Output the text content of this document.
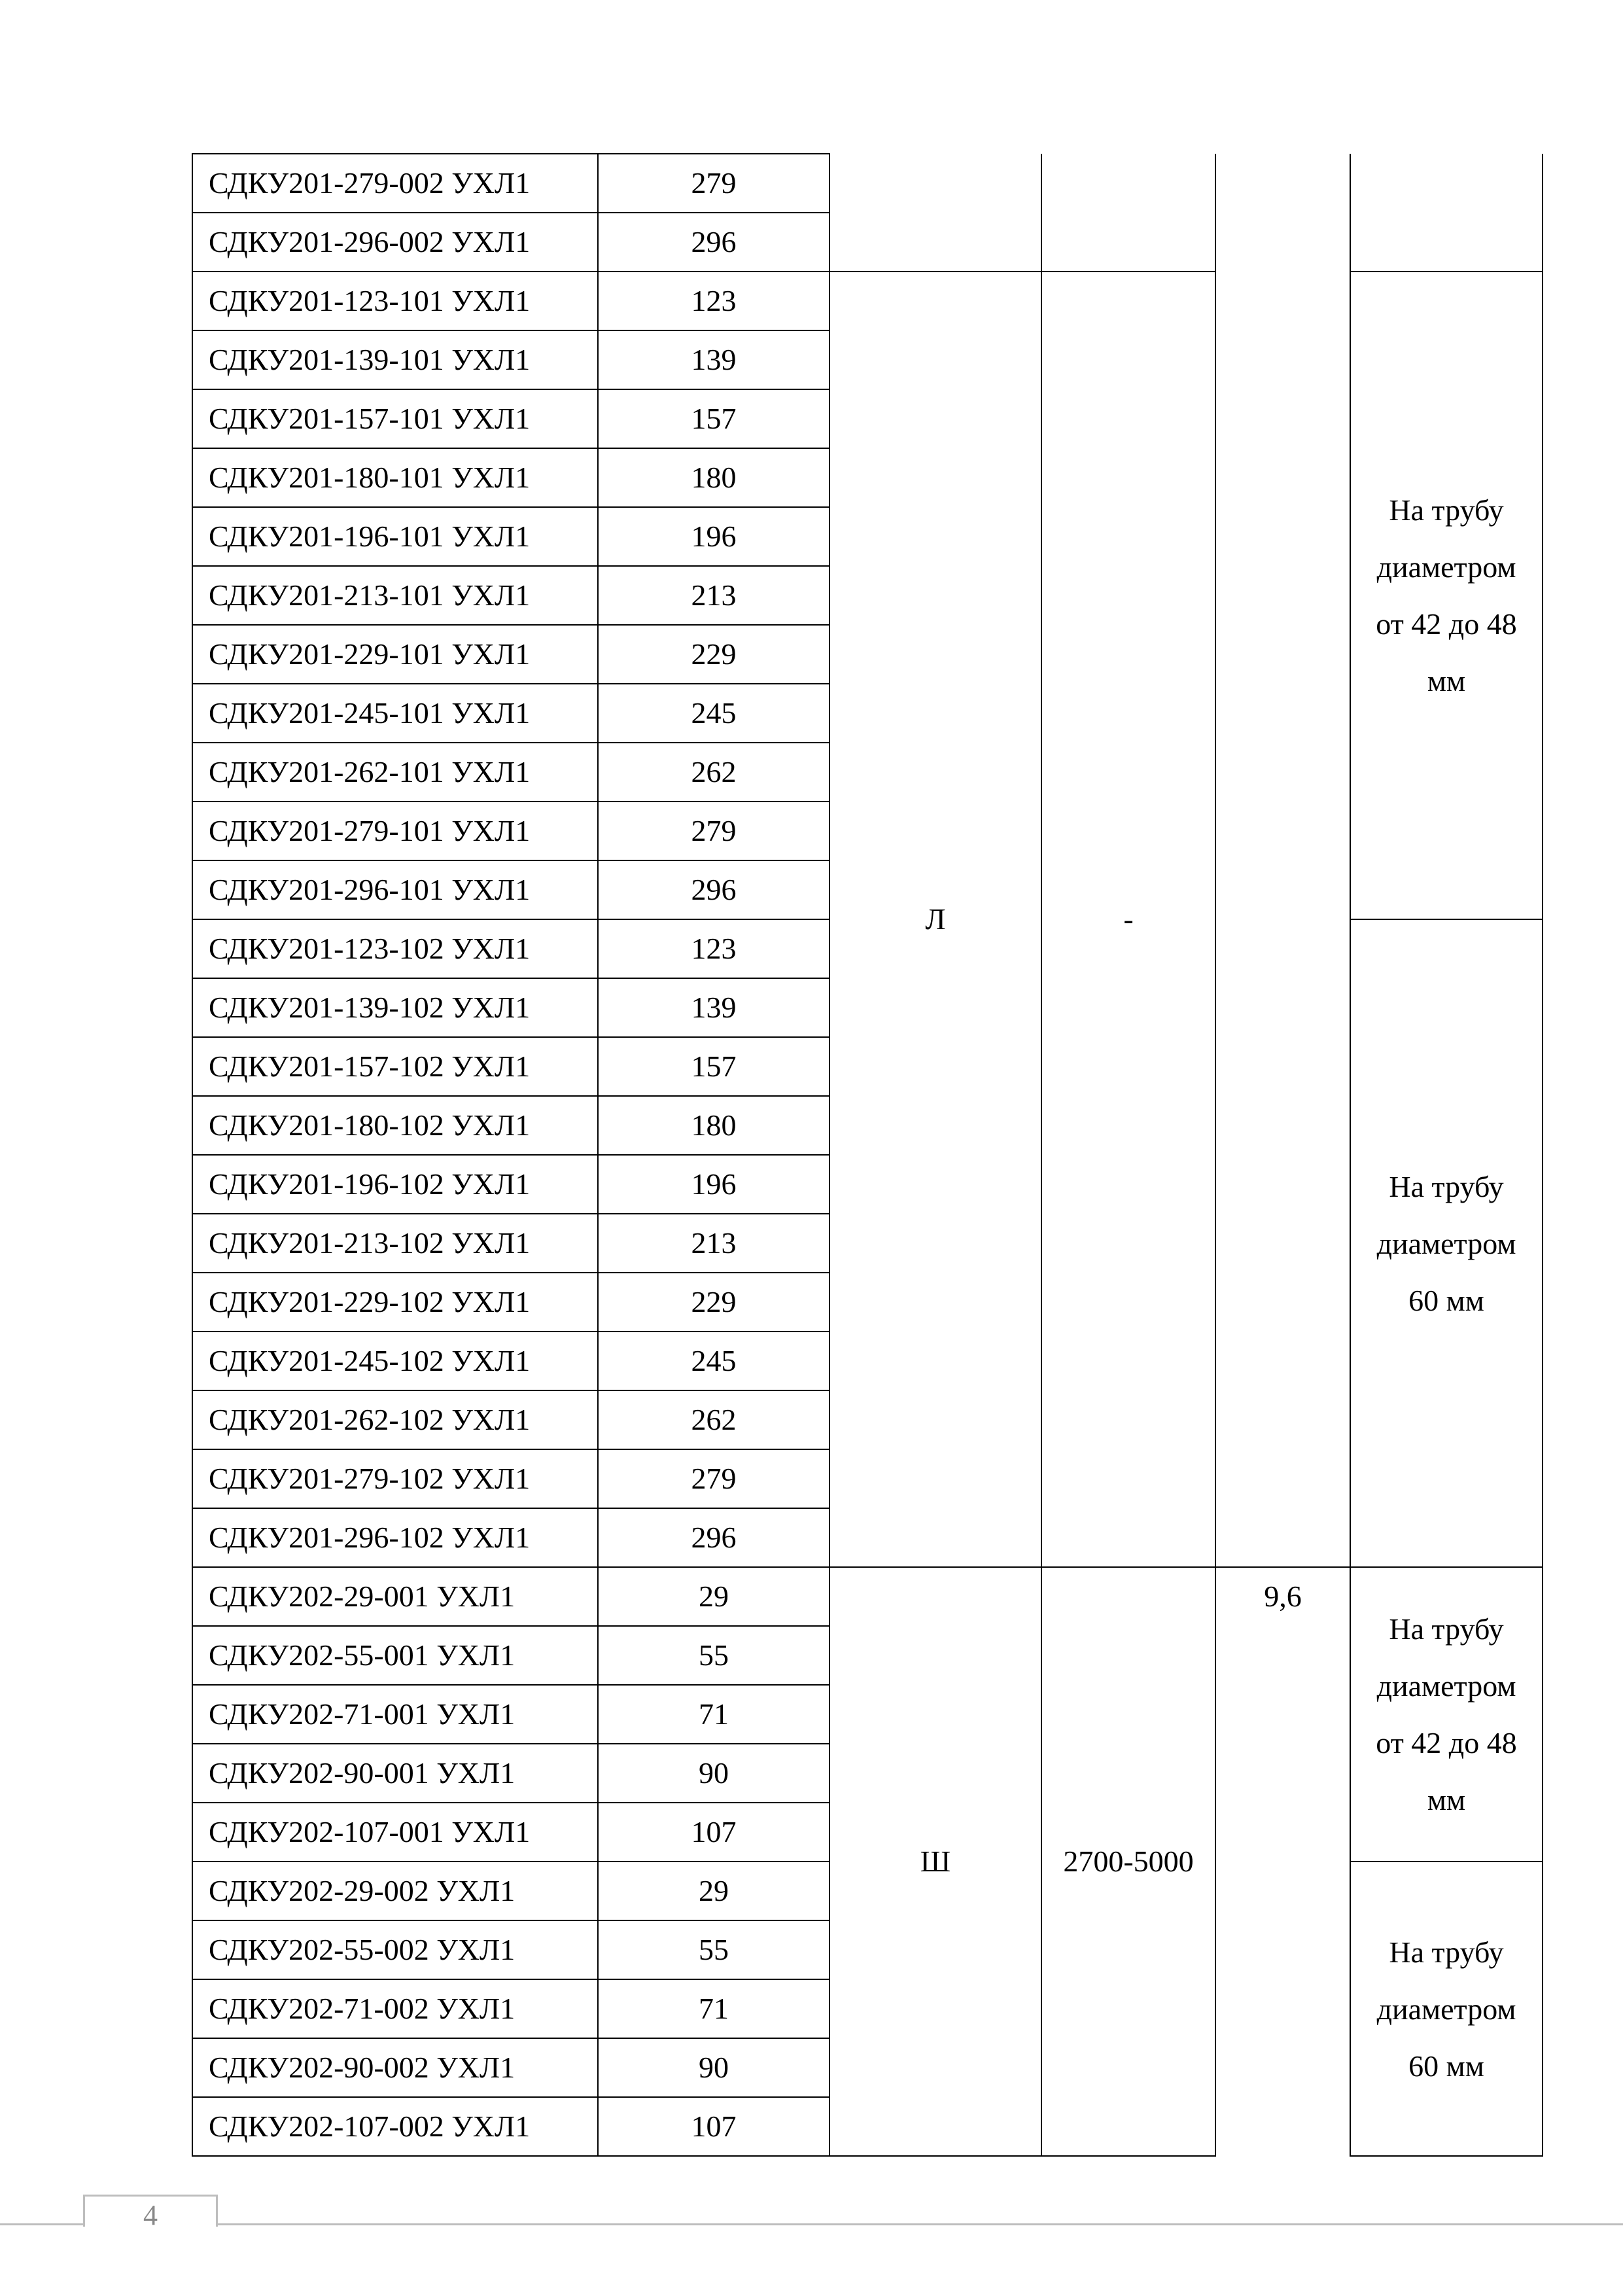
СДКУ201-279-002 УХЛ1	279				
СДКУ201-296-002 УХЛ1	296				
СДКУ201-123-101 УХЛ1	123	Л	-		На трубу
диаметром
от 42 до 48
мм

СДКУ201-139-101 УХЛ1	139				
СДКУ201-157-101 УХЛ1	157				
СДКУ201-180-101 УХЛ1	180				
СДКУ201-196-101 УХЛ1	196				
СДКУ201-213-101 УХЛ1	213				
СДКУ201-229-101 УХЛ1	229				
СДКУ201-245-101 УХЛ1	245				
СДКУ201-262-101 УХЛ1	262				
СДКУ201-279-101 УХЛ1	279				
СДКУ201-296-101 УХЛ1	296				
СДКУ201-123-102 УХЛ1	123				На трубу
диаметром
60 мм

СДКУ201-139-102 УХЛ1	139				
СДКУ201-157-102 УХЛ1	157				
СДКУ201-180-102 УХЛ1	180				
СДКУ201-196-102 УХЛ1	196				
СДКУ201-213-102 УХЛ1	213				
СДКУ201-229-102 УХЛ1	229				
СДКУ201-245-102 УХЛ1	245				
СДКУ201-262-102 УХЛ1	262				
СДКУ201-279-102 УХЛ1	279				
СДКУ201-296-102 УХЛ1	296				
СДКУ202-29-001 УХЛ1	29	Ш	2700-5000	9,6	На трубу
диаметром
от 42 до 48
мм

СДКУ202-55-001 УХЛ1	55				
СДКУ202-71-001 УХЛ1	71				
СДКУ202-90-001 УХЛ1	90				
СДКУ202-107-001 УХЛ1	107				
СДКУ202-29-002 УХЛ1	29				На трубу
диаметром
60 мм

СДКУ202-55-002 УХЛ1	55				
СДКУ202-71-002 УХЛ1	71				
СДКУ202-90-002 УХЛ1	90				
СДКУ202-107-002 УХЛ1	107				
4
